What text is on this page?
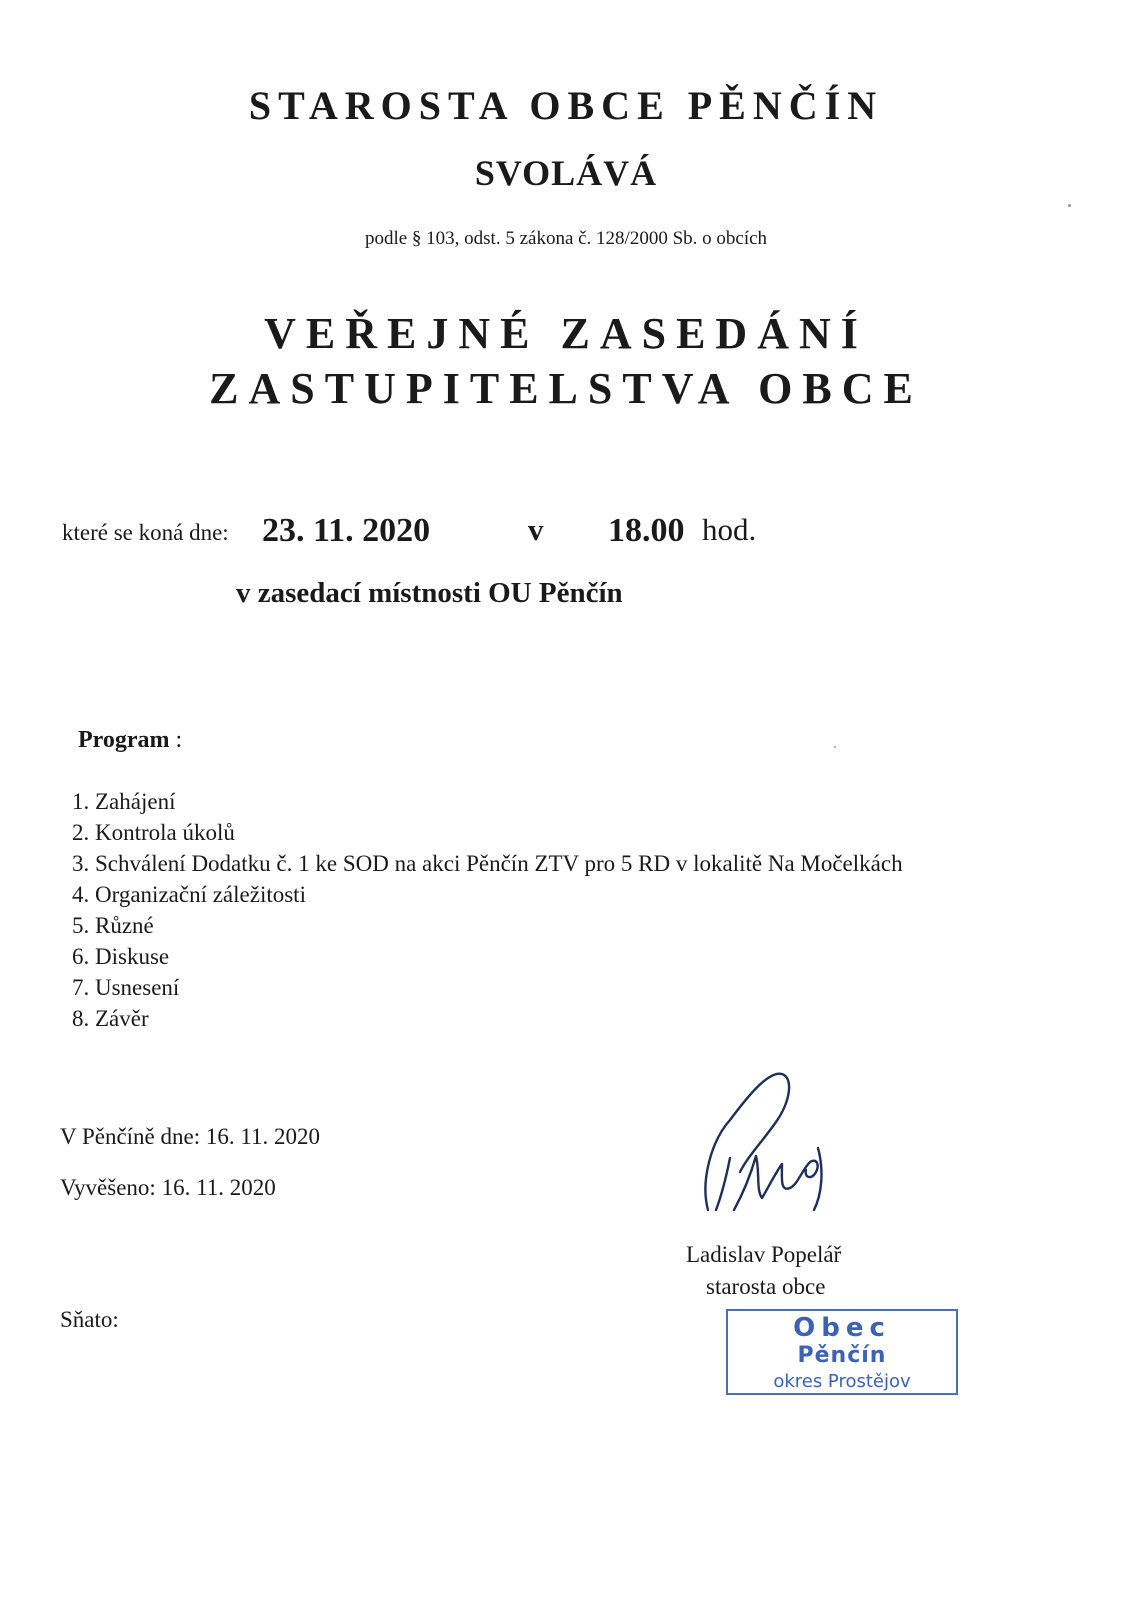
STAROSTA OBCE PĚNČÍN
SVOLÁVÁ
podle § 103, odst. 5 zákona č. 128/2000 Sb. o obcích
VEŘEJNÉ ZASEDÁNÍ
ZASTUPITELSTVA OBCE
které se koná dne: 23. 11. 2020	v 18.00 hod.
v zasedací místnosti OU Pěnčín
Program :
1. Zahájení
2. Kontrola úkolů
3. Schválení Dodatku č. 1 ke SOD na akci Pěnčín ZTV pro 5 RD v lokalitě Na Močelkách
4. Organizační záležitosti
5. Různé
6. Diskuse
7. Usnesení
8. Závěr
V Pěnčíně dne: 16. 11. 2020
Vyvěšeno: 16. 11. 2020
Sňato:
Ladislav Popelář
starosta obce
Obec
Pěnčín
okres Prostějov
